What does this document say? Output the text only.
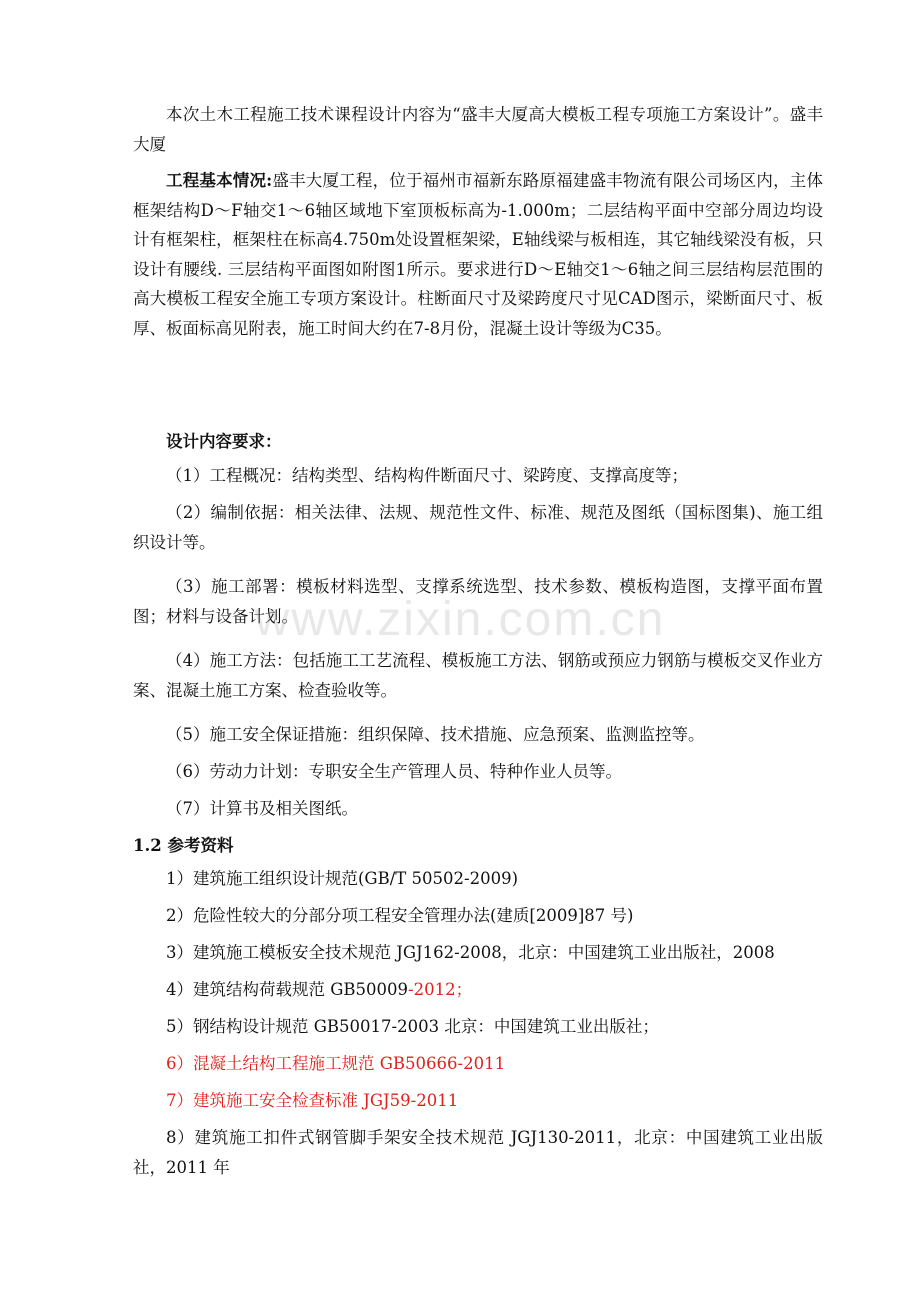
本次土木工程施工技术课程设计内容为“盛丰大厦高大模板工程专项施工方案设计”。盛丰大厦

工程基本情况:盛丰大厦工程，位于福州市福新东路原福建盛丰物流有限公司场区内，主体框架结构D～F轴交1～6轴区域地下室顶板标高为-1.000m；二层结构平面中空部分周边均设计有框架柱，框架柱在标高4.750m处设置框架梁，E轴线梁与板相连，其它轴线梁没有板，只设计有腰线. 三层结构平面图如附图1所示。要求进行D～E轴交1～6轴之间三层结构层范围的高大模板工程安全施工专项方案设计。柱断面尺寸及梁跨度尺寸见CAD图示，梁断面尺寸、板厚、板面标高见附表，施工时间大约在7-8月份，混凝土设计等级为C35。

设计内容要求：

（1）工程概况：结构类型、结构构件断面尺寸、梁跨度、支撑高度等；

（2）编制依据：相关法律、法规、规范性文件、标准、规范及图纸（国标图集)、施工组织设计等。

（3）施工部署：模板材料选型、支撑系统选型、技术参数、模板构造图，支撑平面布置图；材料与设备计划。

（4）施工方法：包括施工工艺流程、模板施工方法、钢筋或预应力钢筋与模板交叉作业方案、混凝土施工方案、检查验收等。

（5）施工安全保证措施：组织保障、技术措施、应急预案、监测监控等。

（6）劳动力计划：专职安全生产管理人员、特种作业人员等。

（7）计算书及相关图纸。

1.2 参考资料

1）建筑施工组织设计规范(GB/T 50502-2009)

2）危险性较大的分部分项工程安全管理办法(建质[2009]87 号)

3）建筑施工模板安全技术规范 JGJ162-2008，北京：中国建筑工业出版社，2008

4）建筑结构荷载规范 GB50009-2012；

5）钢结构设计规范 GB50017-2003 北京：中国建筑工业出版社；

6）混凝土结构工程施工规范 GB50666-2011

7）建筑施工安全检查标准 JGJ59-2011

8）建筑施工扣件式钢管脚手架安全技术规范 JGJ130-2011，北京：中国建筑工业出版社，2011 年

www.zixin.com.cn
